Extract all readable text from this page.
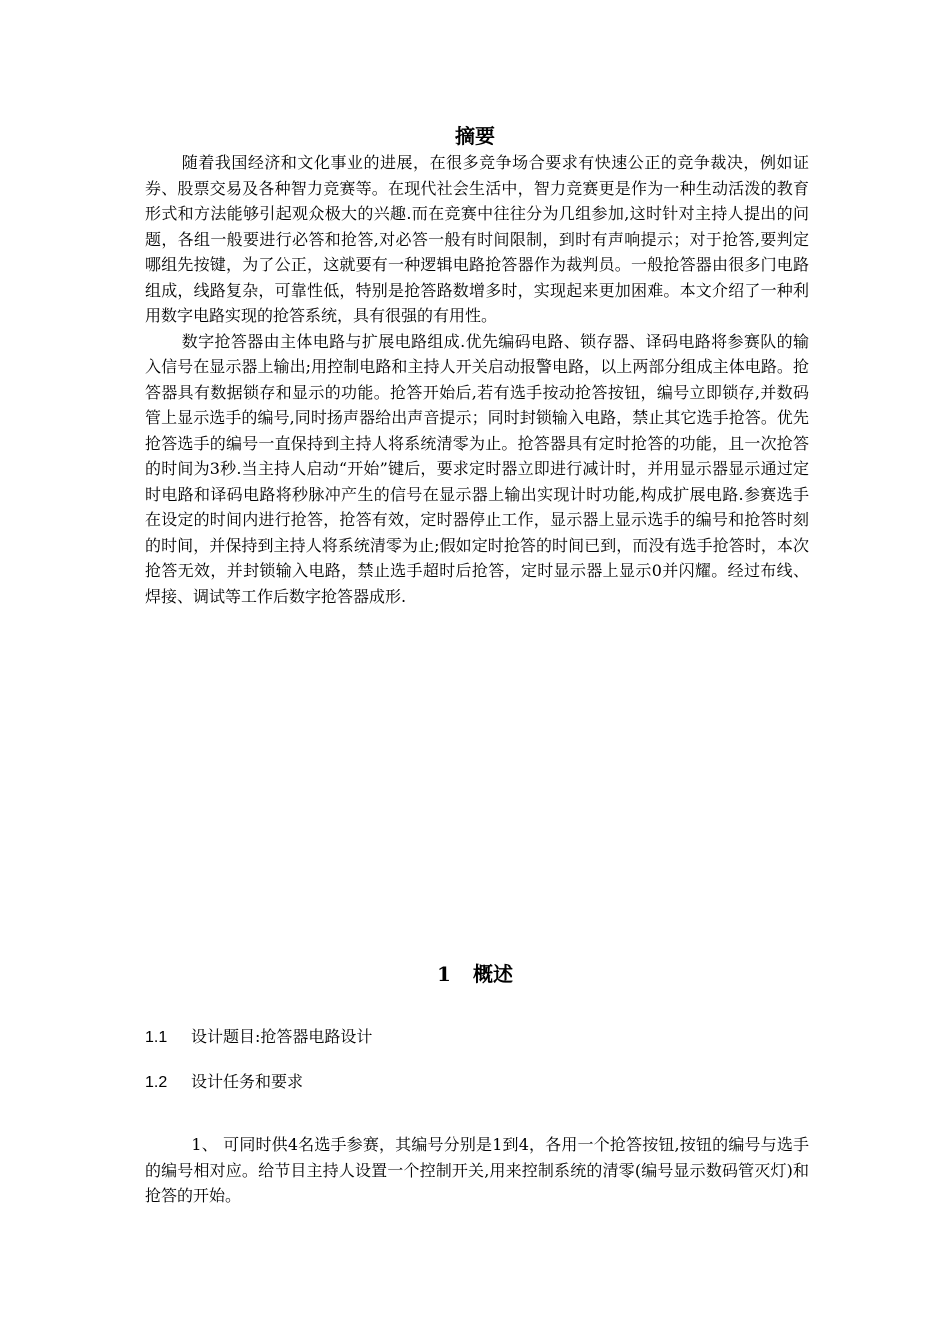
摘要

随着我国经济和文化事业的进展，在很多竞争场合要求有快速公正的竞争裁决，例如证券、股票交易及各种智力竞赛等。在现代社会生活中，智力竞赛更是作为一种生动活泼的教育形式和方法能够引起观众极大的兴趣.而在竞赛中往往分为几组参加,这时针对主持人提出的问题，各组一般要进行必答和抢答,对必答一般有时间限制，到时有声响提示；对于抢答,要判定哪组先按键，为了公正，这就要有一种逻辑电路抢答器作为裁判员。一般抢答器由很多门电路组成，线路复杂，可靠性低，特别是抢答路数增多时，实现起来更加困难。本文介绍了一种利用数字电路实现的抢答系统，具有很强的有用性。

数字抢答器由主体电路与扩展电路组成.优先编码电路、锁存器、译码电路将参赛队的输入信号在显示器上输出;用控制电路和主持人开关启动报警电路，以上两部分组成主体电路。抢答器具有数据锁存和显示的功能。抢答开始后,若有选手按动抢答按钮，编号立即锁存,并数码管上显示选手的编号,同时扬声器给出声音提示；同时封锁输入电路，禁止其它选手抢答。优先抢答选手的编号一直保持到主持人将系统清零为止。抢答器具有定时抢答的功能，且一次抢答的时间为3秒.当主持人启动“开始”键后，要求定时器立即进行减计时，并用显示器显示通过定时电路和译码电路将秒脉冲产生的信号在显示器上输出实现计时功能,构成扩展电路.参赛选手在设定的时间内进行抢答，抢答有效，定时器停止工作，显示器上显示选手的编号和抢答时刻的时间，并保持到主持人将系统清零为止;假如定时抢答的时间已到，而没有选手抢答时，本次抢答无效，并封锁输入电路，禁止选手超时后抢答，定时显示器上显示0并闪耀。经过布线、焊接、调试等工作后数字抢答器成形.

1 概述
1.1 设计题目:抢答器电路设计
1.2 设计任务和要求

1、 可同时供4名选手参赛，其编号分别是1到4，各用一个抢答按钮,按钮的编号与选手的编号相对应。给节目主持人设置一个控制开关,用来控制系统的清零(编号显示数码管灭灯)和抢答的开始。
